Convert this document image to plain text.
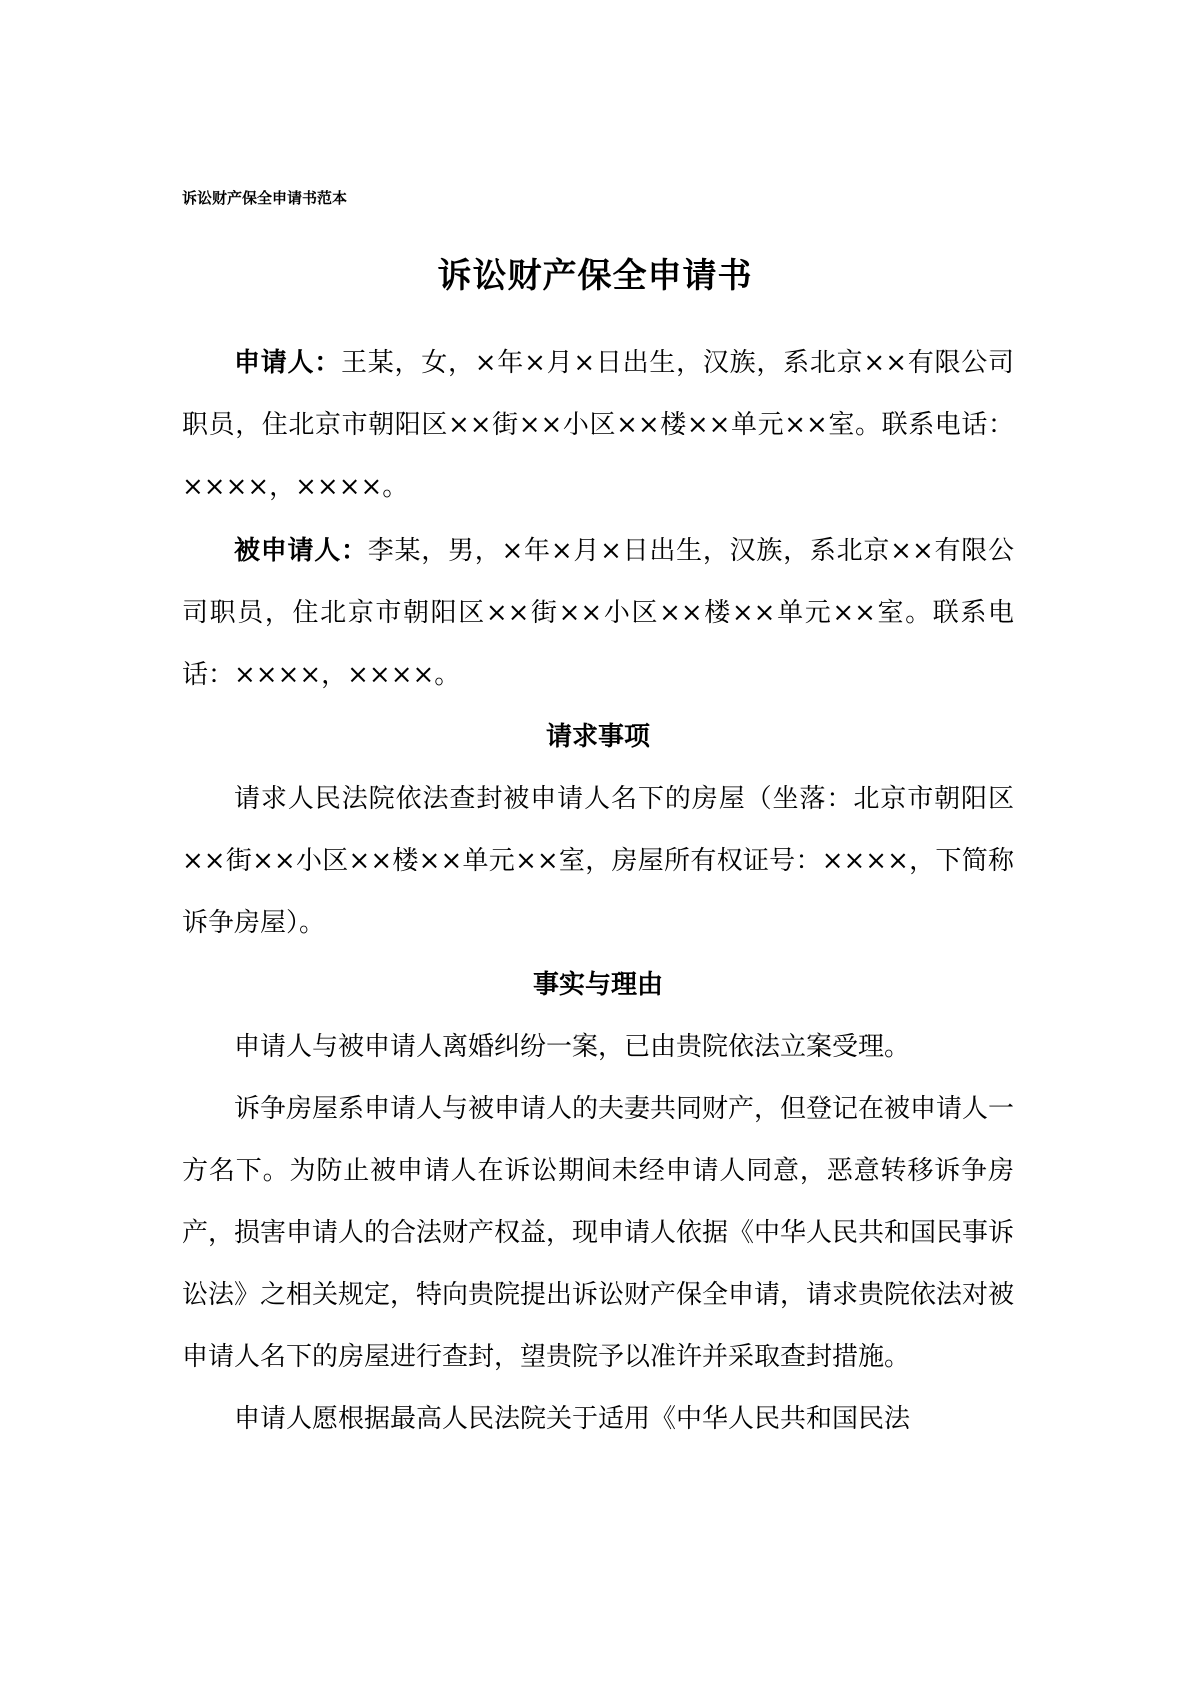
诉讼财产保全申请书范本
诉讼财产保全申请书

申请人：王某，女，×年×月×日出生，汉族，系北京××有限公司职员，住北京市朝阳区××街××小区××楼××单元××室。联系电话：××××，××××。

被申请人：李某，男，×年×月×日出生，汉族，系北京××有限公司职员，住北京市朝阳区××街××小区××楼××单元××室。联系电话：××××，××××。

请求事项

请求人民法院依法查封被申请人名下的房屋（坐落：北京市朝阳区××街××小区××楼××单元××室，房屋所有权证号：××××，下简称诉争房屋）。

事实与理由

申请人与被申请人离婚纠纷一案，已由贵院依法立案受理。

诉争房屋系申请人与被申请人的夫妻共同财产，但登记在被申请人一方名下。为防止被申请人在诉讼期间未经申请人同意，恶意转移诉争房产，损害申请人的合法财产权益，现申请人依据《中华人民共和国民事诉讼法》之相关规定，特向贵院提出诉讼财产保全申请，请求贵院依法对被申请人名下的房屋进行查封，望贵院予以准许并采取查封措施。

申请人愿根据最高人民法院关于适用《中华人民共和国民法
